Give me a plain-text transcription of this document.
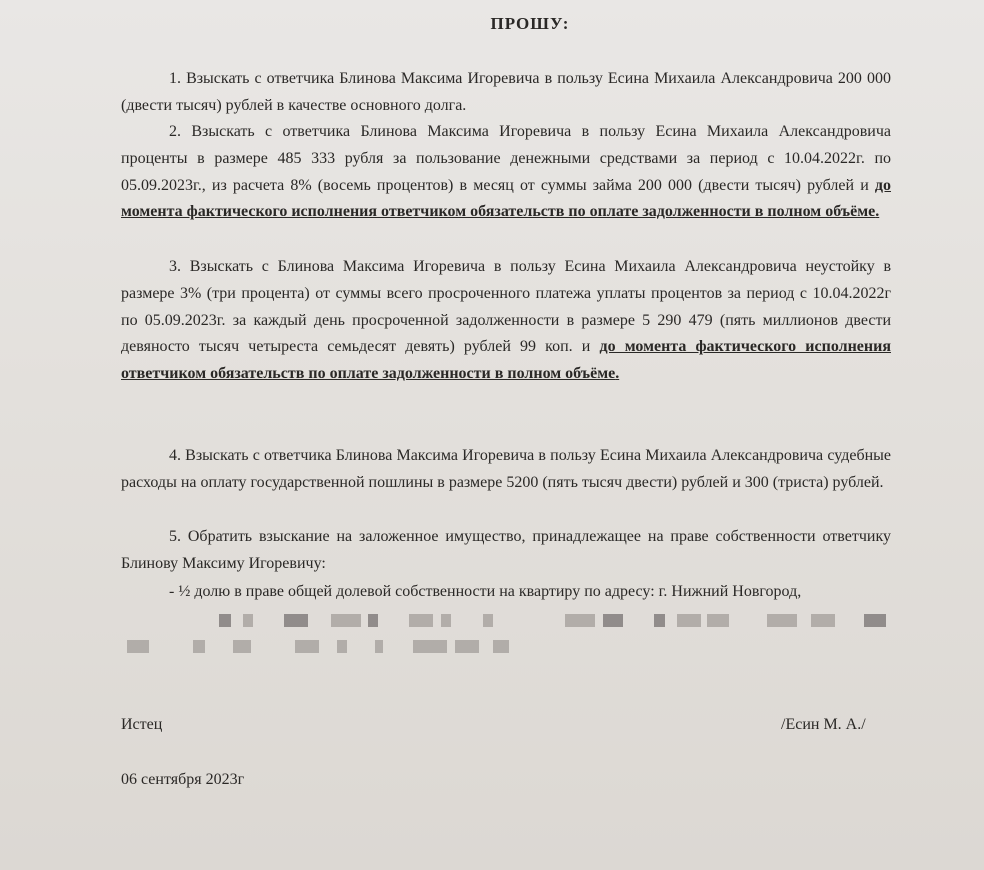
ПРОШУ:
1. Взыскать с ответчика Блинова Максима Игоревича в пользу Есина Михаила Александровича 200 000 (двести тысяч) рублей в качестве основного долга.
2. Взыскать с ответчика Блинова Максима Игоревича в пользу Есина Михаила Александровича проценты в размере 485 333 рубля за пользование денежными средствами за период с 10.04.2022г. по 05.09.2023г., из расчета 8% (восемь процентов) в месяц от суммы займа 200 000 (двести тысяч) рублей и до момента фактического исполнения ответчиком обязательств по оплате задолженности в полном объёме.
3. Взыскать с Блинова Максима Игоревича в пользу Есина Михаила Александровича неустойку в размере 3% (три процента) от суммы всего просроченного платежа уплаты процентов за период с 10.04.2022г по 05.09.2023г. за каждый день просроченной задолженности в размере 5 290 479 (пять миллионов двести девяносто тысяч четыреста семьдесят девять) рублей 99 коп. и до момента фактического исполнения ответчиком обязательств по оплате задолженности в полном объёме.
4. Взыскать с ответчика Блинова Максима Игоревича в пользу Есина Михаила Александровича судебные расходы на оплату государственной пошлины в размере 5200 (пять тысяч двести) рублей и 300 (триста) рублей.
5. Обратить взыскание на заложенное имущество, принадлежащее на праве собственности ответчику Блинову Максиму Игоревичу:
- ½ долю в праве общей долевой собственности на квартиру по адресу: г. Нижний Новгород,
Истец	/Есин М. А./
06 сентября 2023г
